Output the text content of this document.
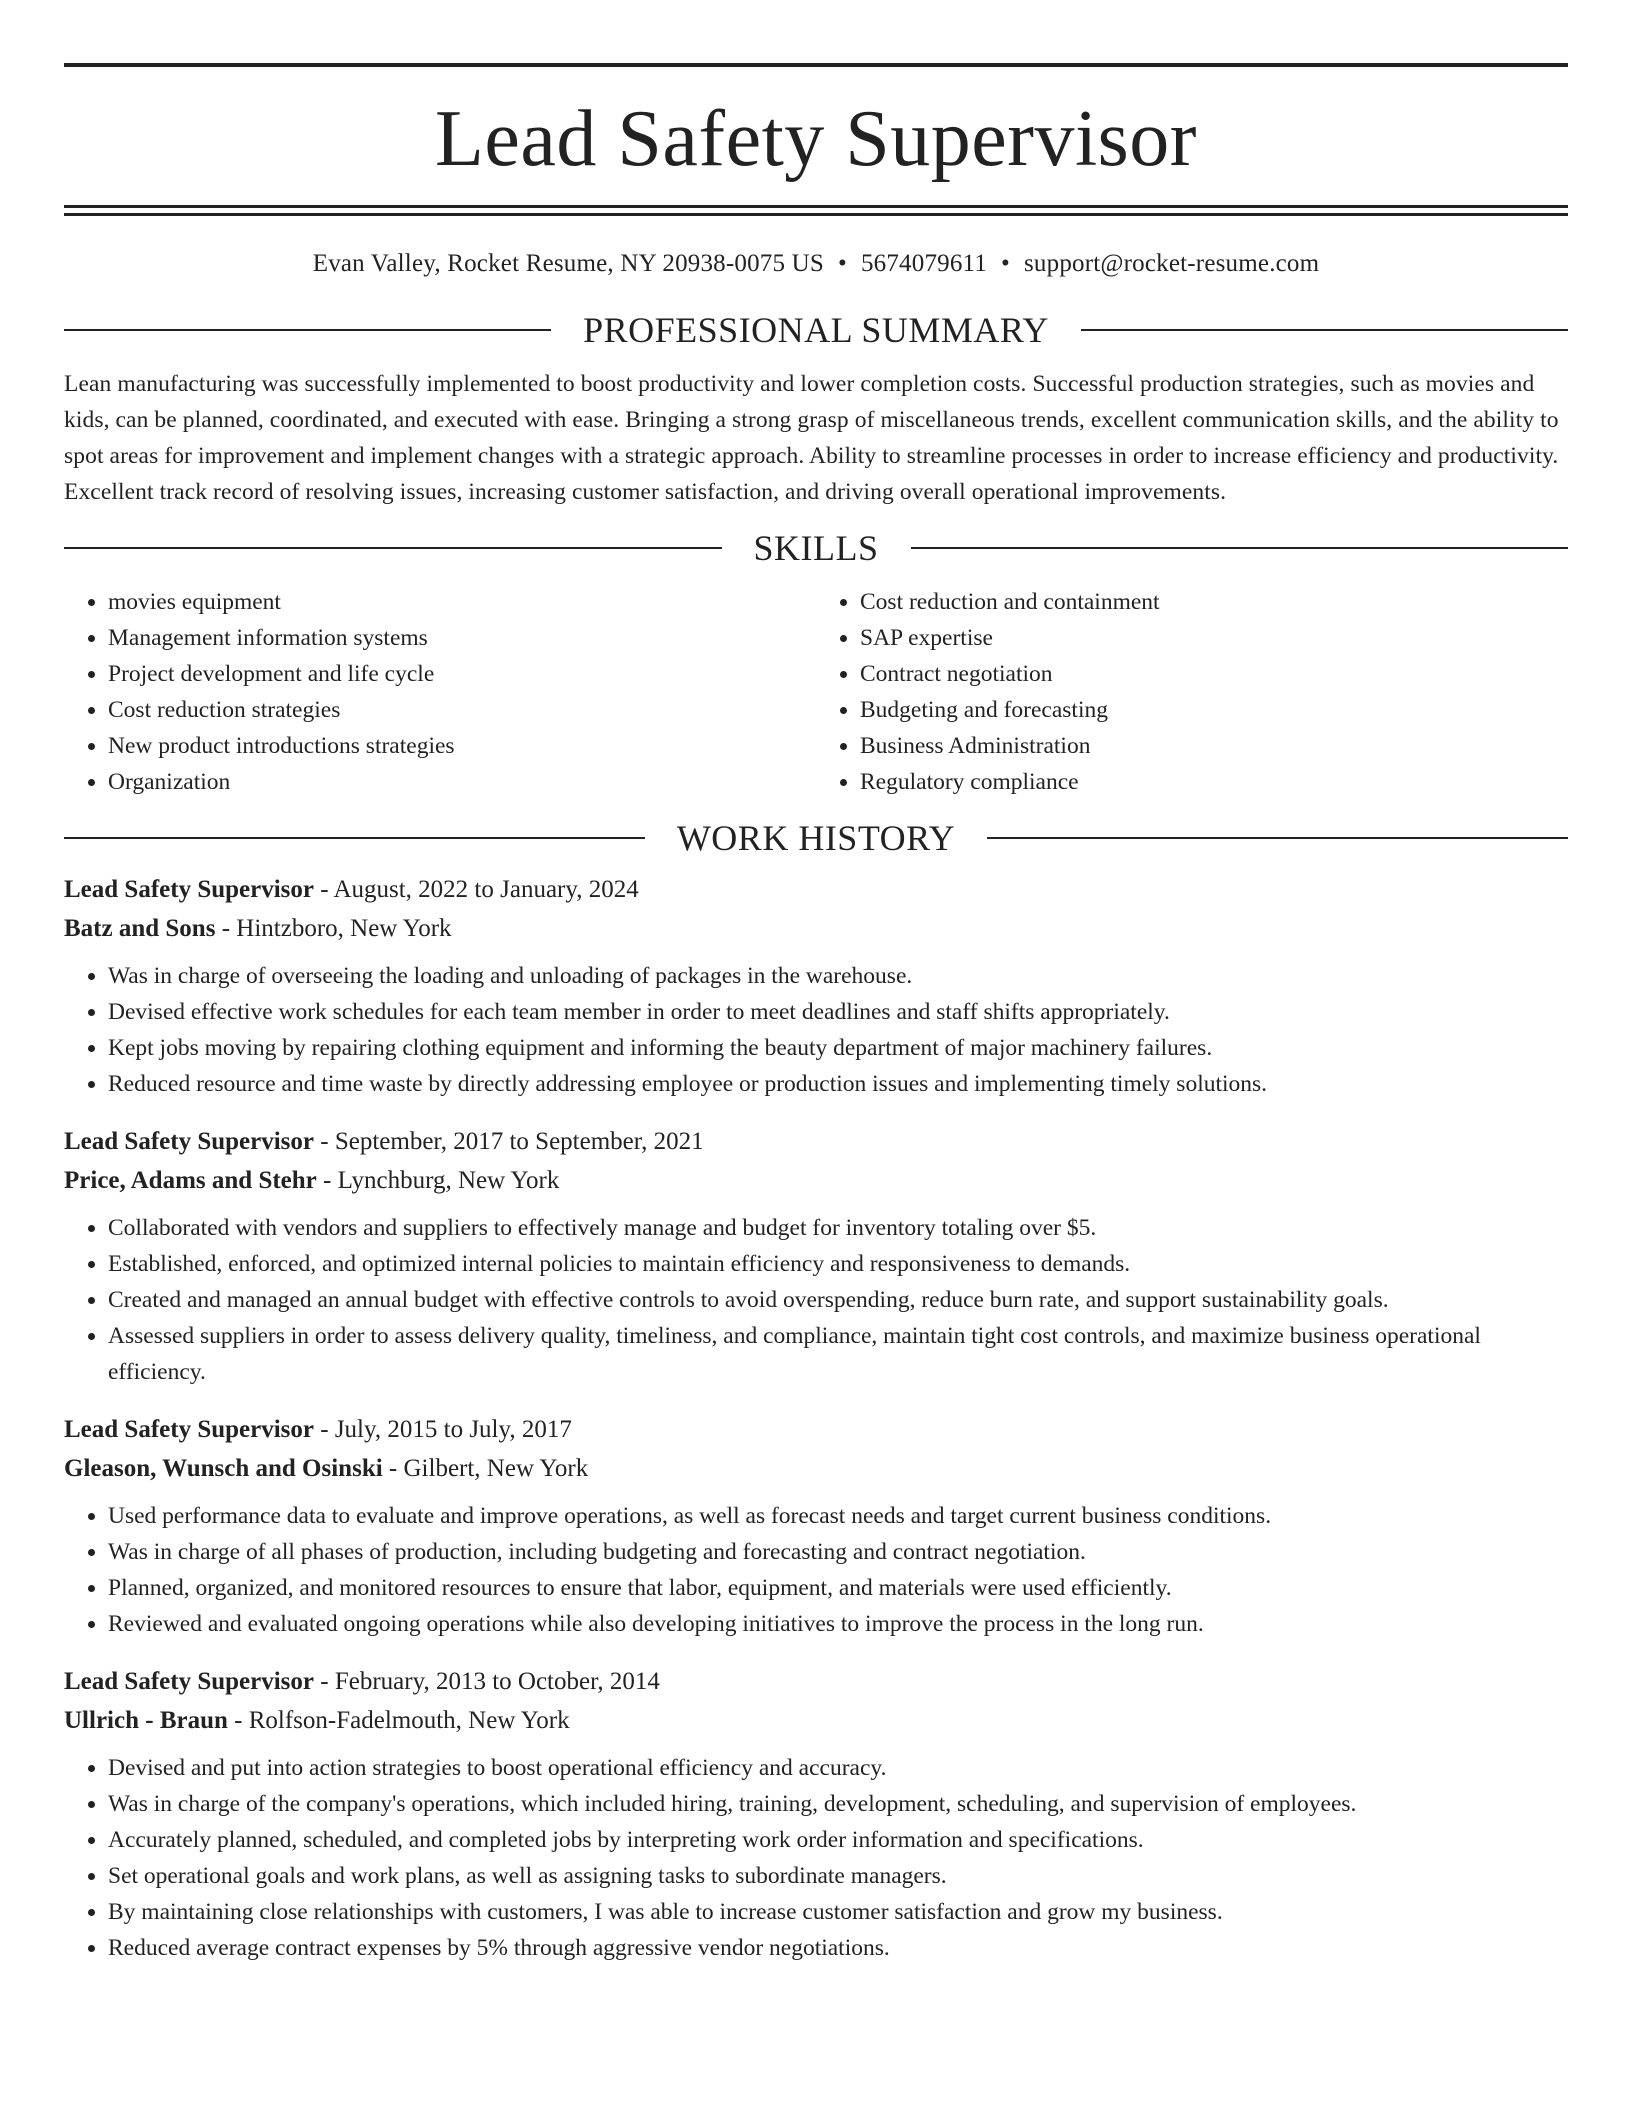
Lead Safety Supervisor
Evan Valley, Rocket Resume, NY 20938-0075 US • 5674079611 • support@rocket-resume.com
PROFESSIONAL SUMMARY

Lean manufacturing was successfully implemented to boost productivity and lower completion costs. Successful production strategies, such as movies and kids, can be planned, coordinated, and executed with ease. Bringing a strong grasp of miscellaneous trends, excellent communication skills, and the ability to spot areas for improvement and implement changes with a strategic approach. Ability to streamline processes in order to increase efficiency and productivity. Excellent track record of resolving issues, increasing customer satisfaction, and driving overall operational improvements.

SKILLS
• movies equipment
• Management information systems
• Project development and life cycle
• Cost reduction strategies
• New product introductions strategies
• Organization
• Cost reduction and containment
• SAP expertise
• Contract negotiation
• Budgeting and forecasting
• Business Administration
• Regulatory compliance
WORK HISTORY

Lead Safety Supervisor - August, 2022 to January, 2024

Batz and Sons - Hintzboro, New York

• Was in charge of overseeing the loading and unloading of packages in the warehouse.
• Devised effective work schedules for each team member in order to meet deadlines and staff shifts appropriately.
• Kept jobs moving by repairing clothing equipment and informing the beauty department of major machinery failures.
• Reduced resource and time waste by directly addressing employee or production issues and implementing timely solutions.

Lead Safety Supervisor - September, 2017 to September, 2021

Price, Adams and Stehr - Lynchburg, New York

• Collaborated with vendors and suppliers to effectively manage and budget for inventory totaling over $5.
• Established, enforced, and optimized internal policies to maintain efficiency and responsiveness to demands.
• Created and managed an annual budget with effective controls to avoid overspending, reduce burn rate, and support sustainability goals.
• Assessed suppliers in order to assess delivery quality, timeliness, and compliance, maintain tight cost controls, and maximize business operational efficiency.

Lead Safety Supervisor - July, 2015 to July, 2017

Gleason, Wunsch and Osinski - Gilbert, New York

• Used performance data to evaluate and improve operations, as well as forecast needs and target current business conditions.
• Was in charge of all phases of production, including budgeting and forecasting and contract negotiation.
• Planned, organized, and monitored resources to ensure that labor, equipment, and materials were used efficiently.
• Reviewed and evaluated ongoing operations while also developing initiatives to improve the process in the long run.

Lead Safety Supervisor - February, 2013 to October, 2014

Ullrich - Braun - Rolfson-Fadelmouth, New York

• Devised and put into action strategies to boost operational efficiency and accuracy.
• Was in charge of the company's operations, which included hiring, training, development, scheduling, and supervision of employees.
• Accurately planned, scheduled, and completed jobs by interpreting work order information and specifications.
• Set operational goals and work plans, as well as assigning tasks to subordinate managers.
• By maintaining close relationships with customers, I was able to increase customer satisfaction and grow my business.
• Reduced average contract expenses by 5% through aggressive vendor negotiations.
